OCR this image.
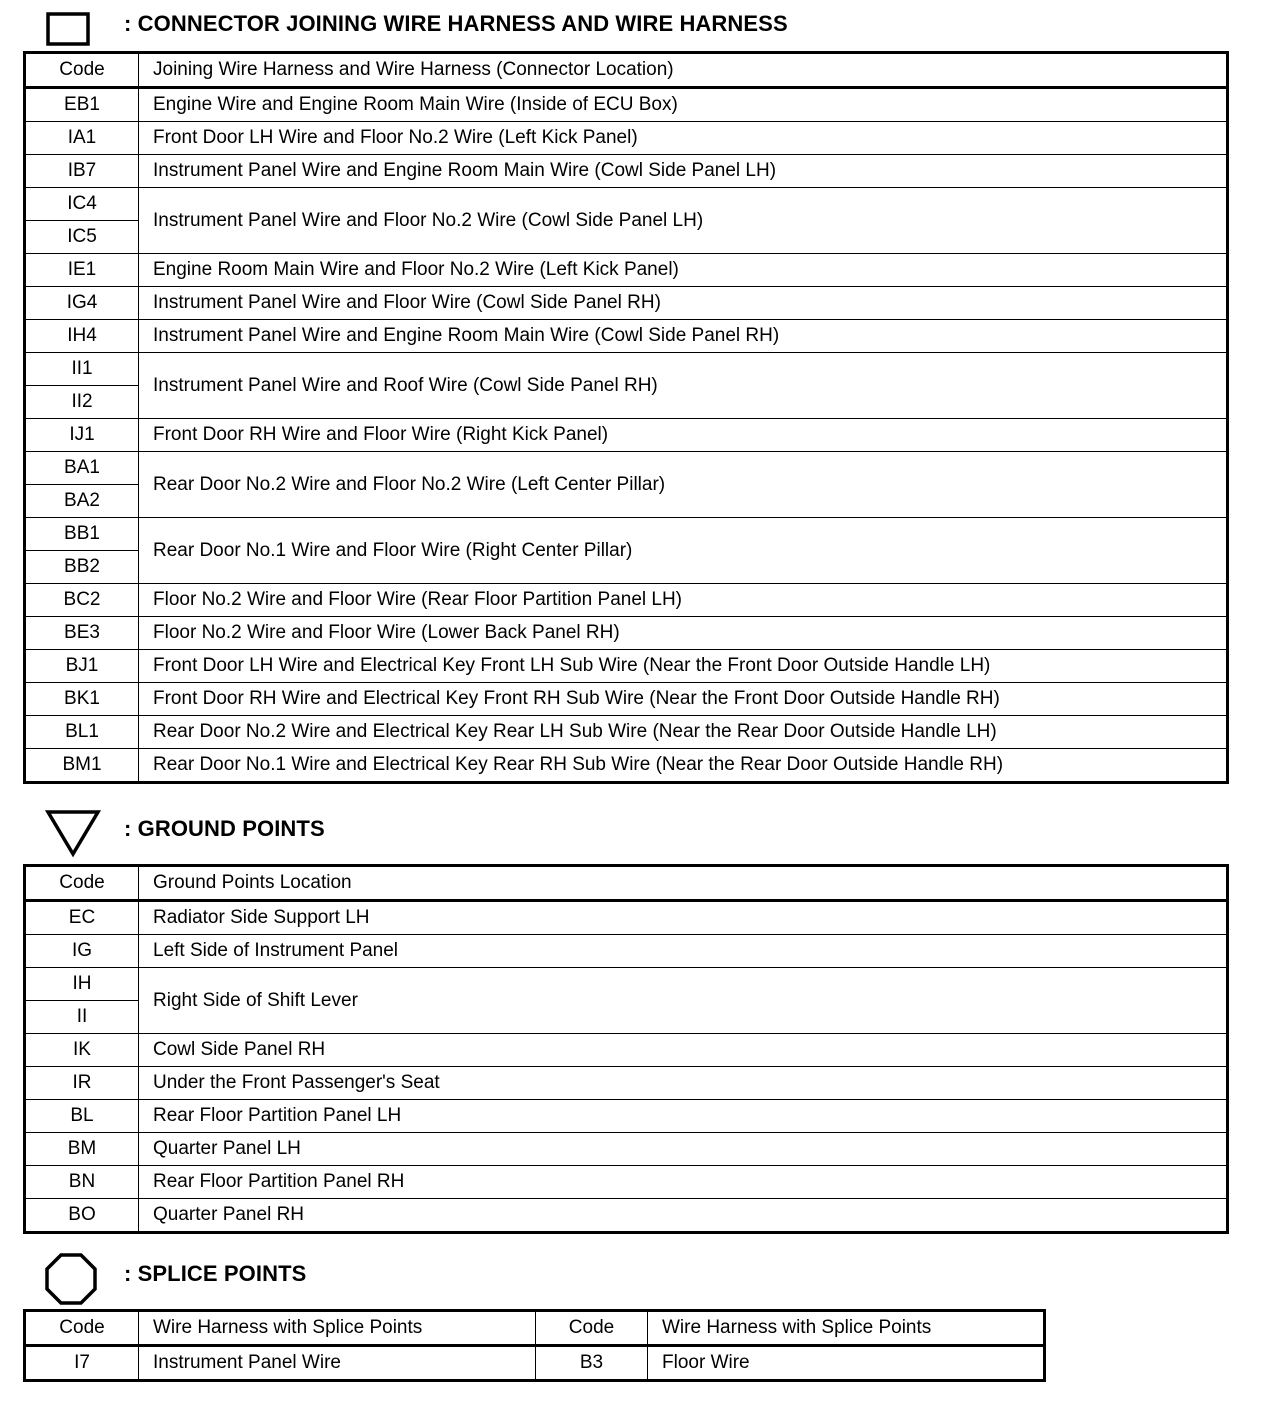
: CONNECTOR JOINING WIRE HARNESS AND WIRE HARNESS
Code	Joining Wire Harness and Wire Harness (Connector Location)
EB1	Engine Wire and Engine Room Main Wire (Inside of ECU Box)
IA1	Front Door LH Wire and Floor No.2 Wire (Left Kick Panel)
IB7	Instrument Panel Wire and Engine Room Main Wire (Cowl Side Panel LH)
IC4	Instrument Panel Wire and Floor No.2 Wire (Cowl Side Panel LH)
IC5	
IE1	Engine Room Main Wire and Floor No.2 Wire (Left Kick Panel)
IG4	Instrument Panel Wire and Floor Wire (Cowl Side Panel RH)
IH4	Instrument Panel Wire and Engine Room Main Wire (Cowl Side Panel RH)
II1	Instrument Panel Wire and Roof Wire (Cowl Side Panel RH)
II2	
IJ1	Front Door RH Wire and Floor Wire (Right Kick Panel)
BA1	Rear Door No.2 Wire and Floor No.2 Wire (Left Center Pillar)
BA2	
BB1	Rear Door No.1 Wire and Floor Wire (Right Center Pillar)
BB2	
BC2	Floor No.2 Wire and Floor Wire (Rear Floor Partition Panel LH)
BE3	Floor No.2 Wire and Floor Wire (Lower Back Panel RH)
BJ1	Front Door LH Wire and Electrical Key Front LH Sub Wire (Near the Front Door Outside Handle LH)
BK1	Front Door RH Wire and Electrical Key Front RH Sub Wire (Near the Front Door Outside Handle RH)
BL1	Rear Door No.2 Wire and Electrical Key Rear LH Sub Wire (Near the Rear Door Outside Handle LH)
BM1	Rear Door No.1 Wire and Electrical Key Rear RH Sub Wire (Near the Rear Door Outside Handle RH)
: GROUND POINTS
Code	Ground Points Location
EC	Radiator Side Support LH
IG	Left Side of Instrument Panel
IH	Right Side of Shift Lever
II	
IK	Cowl Side Panel RH
IR	Under the Front Passenger's Seat
BL	Rear Floor Partition Panel LH
BM	Quarter Panel LH
BN	Rear Floor Partition Panel RH
BO	Quarter Panel RH
: SPLICE POINTS
Code	Wire Harness with Splice Points	Code	Wire Harness with Splice Points
I7	Instrument Panel Wire	B3	Floor Wire
